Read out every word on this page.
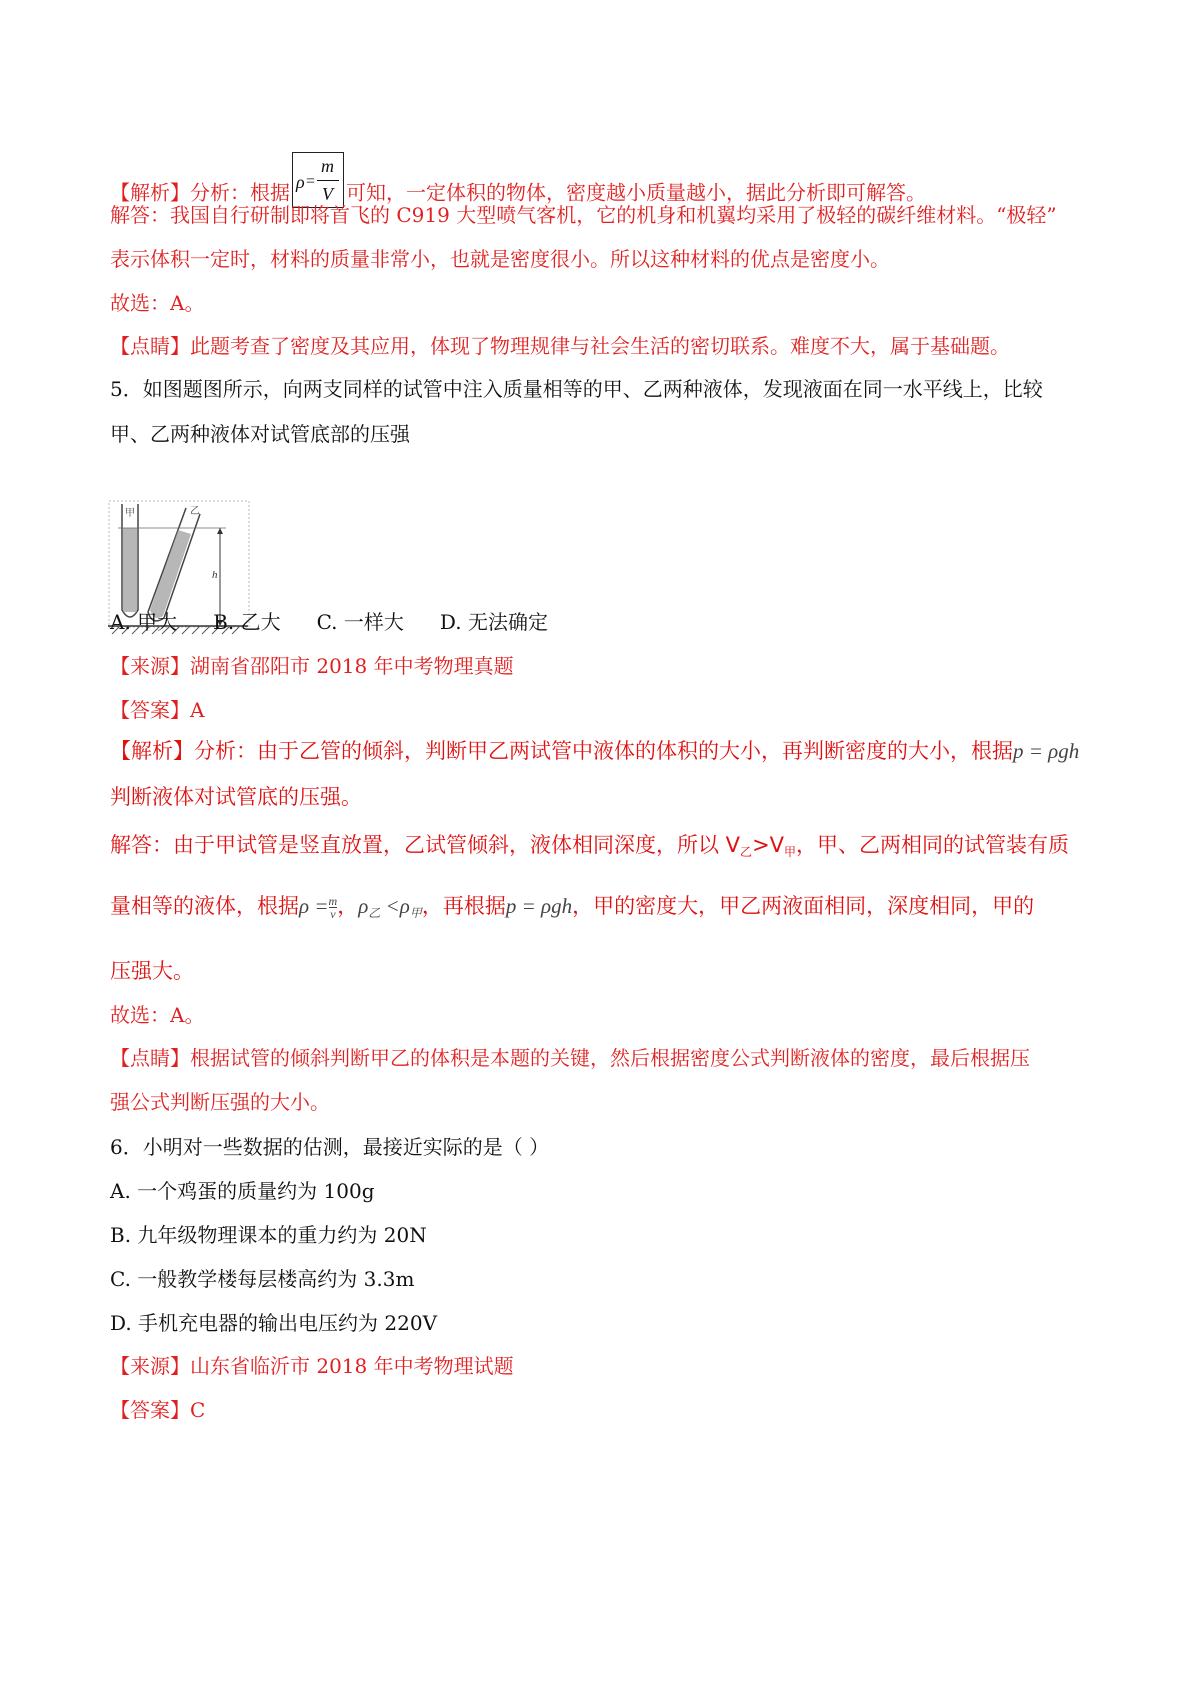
【解析】分析：根据 ρ =
m
V 可知，一定体积的物体，密度越小质量越小，据此分析即可解答。
解答：我国自行研制即将首飞的 C919 大型喷气客机，它的机身和机翼均采用了极轻的碳纤维材料。“极轻”
表示体积一定时，材料的质量非常小，也就是密度很小。所以这种材料的优点是密度小。
故选：A。
【点睛】此题考查了密度及其应用，体现了物理规律与社会生活的密切联系。难度不大，属于基础题。
5．如图题图所示，向两支同样的试管中注入质量相等的甲、乙两种液体，发现液面在同一水平线上，比较
甲、乙两种液体对试管底部的压强
甲	乙
h
A. 甲大 B. 乙大 C. 一样大 D. 无法确定
【来源】湖南省邵阳市 2018 年中考物理真题
【答案】A
【解析】分析：由于乙管的倾斜，判断甲乙两试管中液体的体积的大小，再判断密度的大小，根据p = ρgh
判断液体对试管底的压强。
解答：由于甲试管是竖直放置，乙试管倾斜，液体相同深度，所以 $V_乙>V_甲$，甲、乙两相同的试管装有质
量相等的液体，根据$\rho = \frac{m}{v}$ ，$\rho_乙 <\rho_甲$，再根据p = ρgh，甲的密度大，甲乙两液面相同，深度相同，甲的
压强大。
故选：A。
【点睛】根据试管的倾斜判断甲乙的体积是本题的关键，然后根据密度公式判断液体的密度，最后根据压
强公式判断压强的大小。
6．小明对一些数据的估测，最接近实际的是（ ）
A. 一个鸡蛋的质量约为 100g
B. 九年级物理课本的重力约为 20N
C. 一般教学楼每层楼高约为 3.3m
D. 手机充电器的输出电压约为 220V
【来源】山东省临沂市 2018 年中考物理试题
【答案】C
